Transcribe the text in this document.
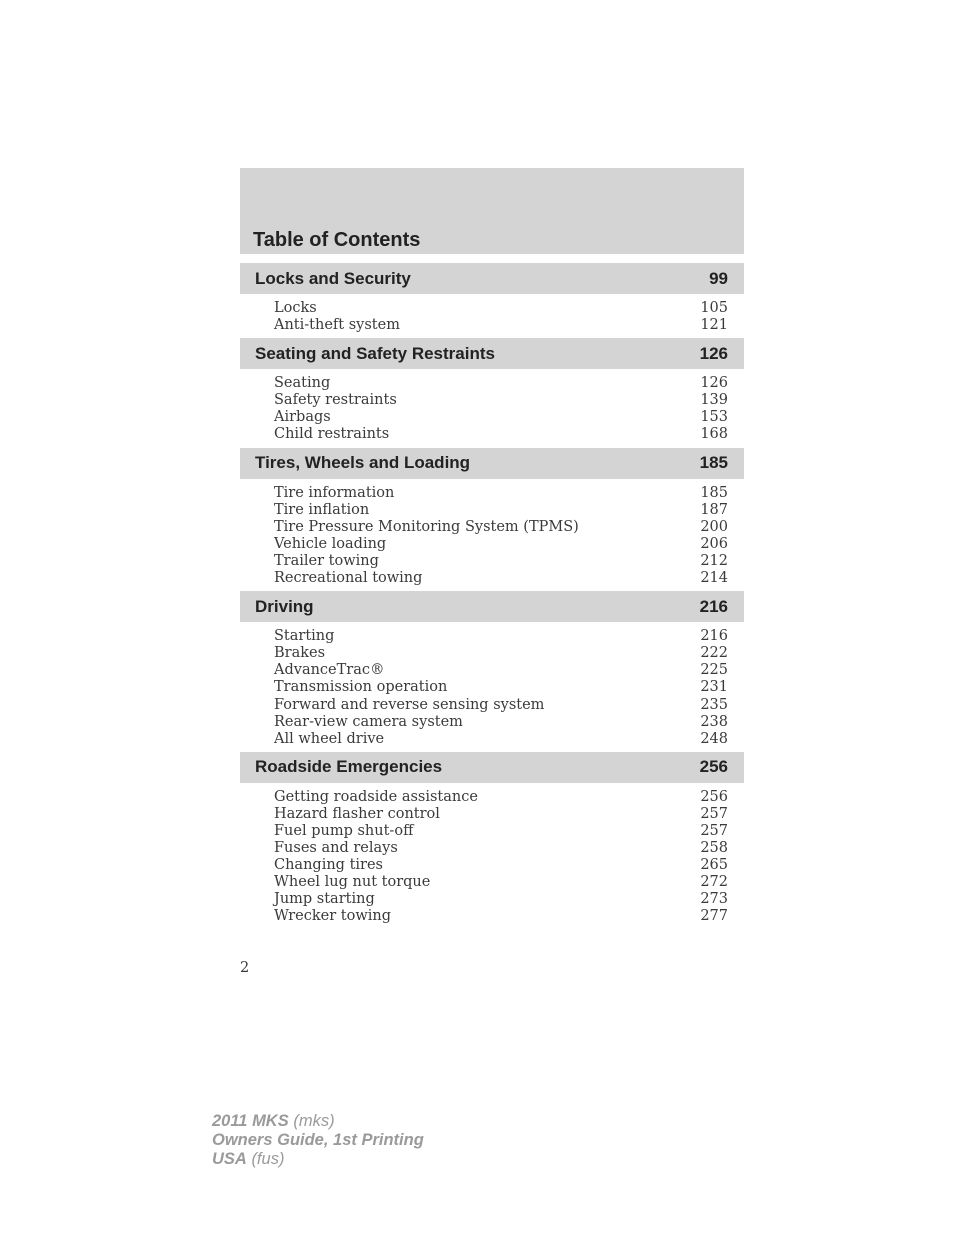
Table of Contents
Locks and Security	99
Locks	105
Anti-theft system	121
Seating and Safety Restraints	126
Seating	126
Safety restraints	139
Airbags	153
Child restraints	168
Tires, Wheels and Loading	185
Tire information	185
Tire inflation	187
Tire Pressure Monitoring System (TPMS)	200
Vehicle loading	206
Trailer towing	212
Recreational towing	214
Driving	216
Starting	216
Brakes	222
AdvanceTrac®	225
Transmission operation	231
Forward and reverse sensing system	235
Rear-view camera system	238
All wheel drive	248
Roadside Emergencies	256
Getting roadside assistance	256
Hazard flasher control	257
Fuel pump shut-off	257
Fuses and relays	258
Changing tires	265
Wheel lug nut torque	272
Jump starting	273
Wrecker towing	277
2
2011 MKS (mks)
Owners Guide, 1st Printing
USA (fus)
